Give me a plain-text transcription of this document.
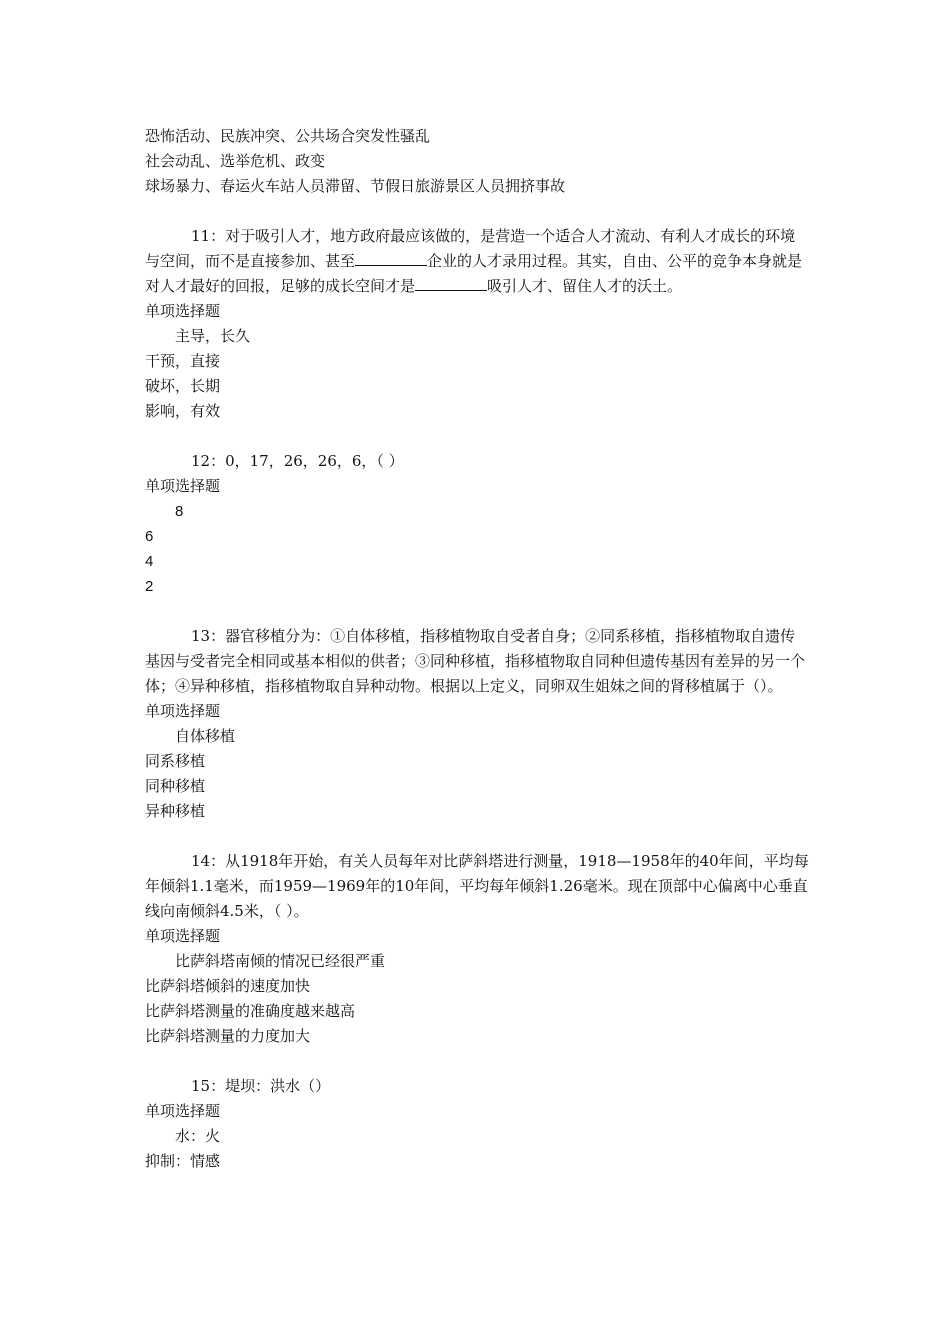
恐怖活动、民族冲突、公共场合突发性骚乱
社会动乱、选举危机、政变
球场暴力、春运火车站人员滞留、节假日旅游景区人员拥挤事故
11：对于吸引人才，地方政府最应该做的，是营造一个适合人才流动、有利人才成长的环境与空间，而不是直接参加、甚至	企业的人才录用过程。其实，自由、公平的竞争本身就是对人才最好的回报，足够的成长空间才是	吸引人才、留住人才的沃土。
单项选择题
主导，长久
干预，直接
破坏，长期
影响，有效
12：0，17，26，26，6，（ ）
单项选择题
8
6
4
2
13：器官移植分为：①自体移植，指移植物取自受者自身；②同系移植，指移植物取自遗传基因与受者完全相同或基本相似的供者；③同种移植，指移植物取自同种但遗传基因有差异的另一个体；④异种移植，指移植物取自异种动物。根据以上定义，同卵双生姐妹之间的肾移植属于（）。
单项选择题
自体移植
同系移植
同种移植
异种移植
14：从1918年开始，有关人员每年对比萨斜塔进行测量，1918—1958年的40年间，平均每年倾斜1.1毫米，而1959—1969年的10年间，平均每年倾斜1.26毫米。现在顶部中心偏离中心垂直线向南倾斜4.5米，（ ）。
单项选择题
比萨斜塔南倾的情况已经很严重
比萨斜塔倾斜的速度加快
比萨斜塔测量的准确度越来越高
比萨斜塔测量的力度加大
15：堤坝：洪水（）
单项选择题
水：火
抑制：情感
